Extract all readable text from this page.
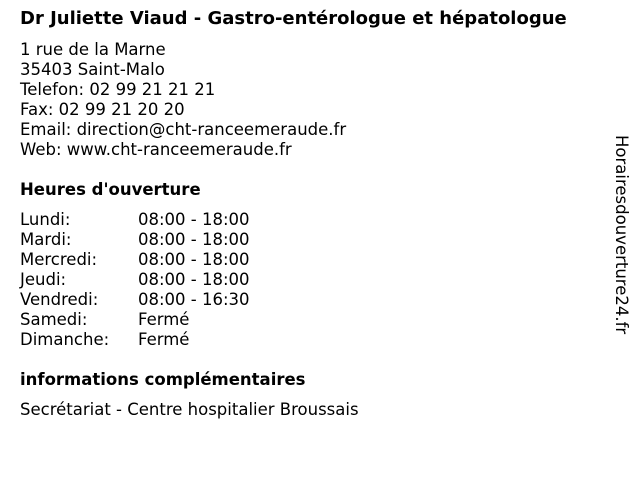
Dr Juliette Viaud - Gastro-entérologue et hépatologue
1 rue de la Marne
35403 Saint-Malo
Telefon: 02 99 21 21 21
Fax: 02 99 21 20 20
Email: direction@cht-ranceemeraude.fr
Web: www.cht-ranceemeraude.fr
Heures d'ouverture
Lundi:	08:00 - 18:00
Mardi:	08:00 - 18:00
Mercredi:	08:00 - 18:00
Jeudi:	08:00 - 18:00
Vendredi:	08:00 - 16:30
Samedi:	Fermé
Dimanche:	Fermé
informations complémentaires
Secrétariat - Centre hospitalier Broussais
Horairesdouverture24.fr
